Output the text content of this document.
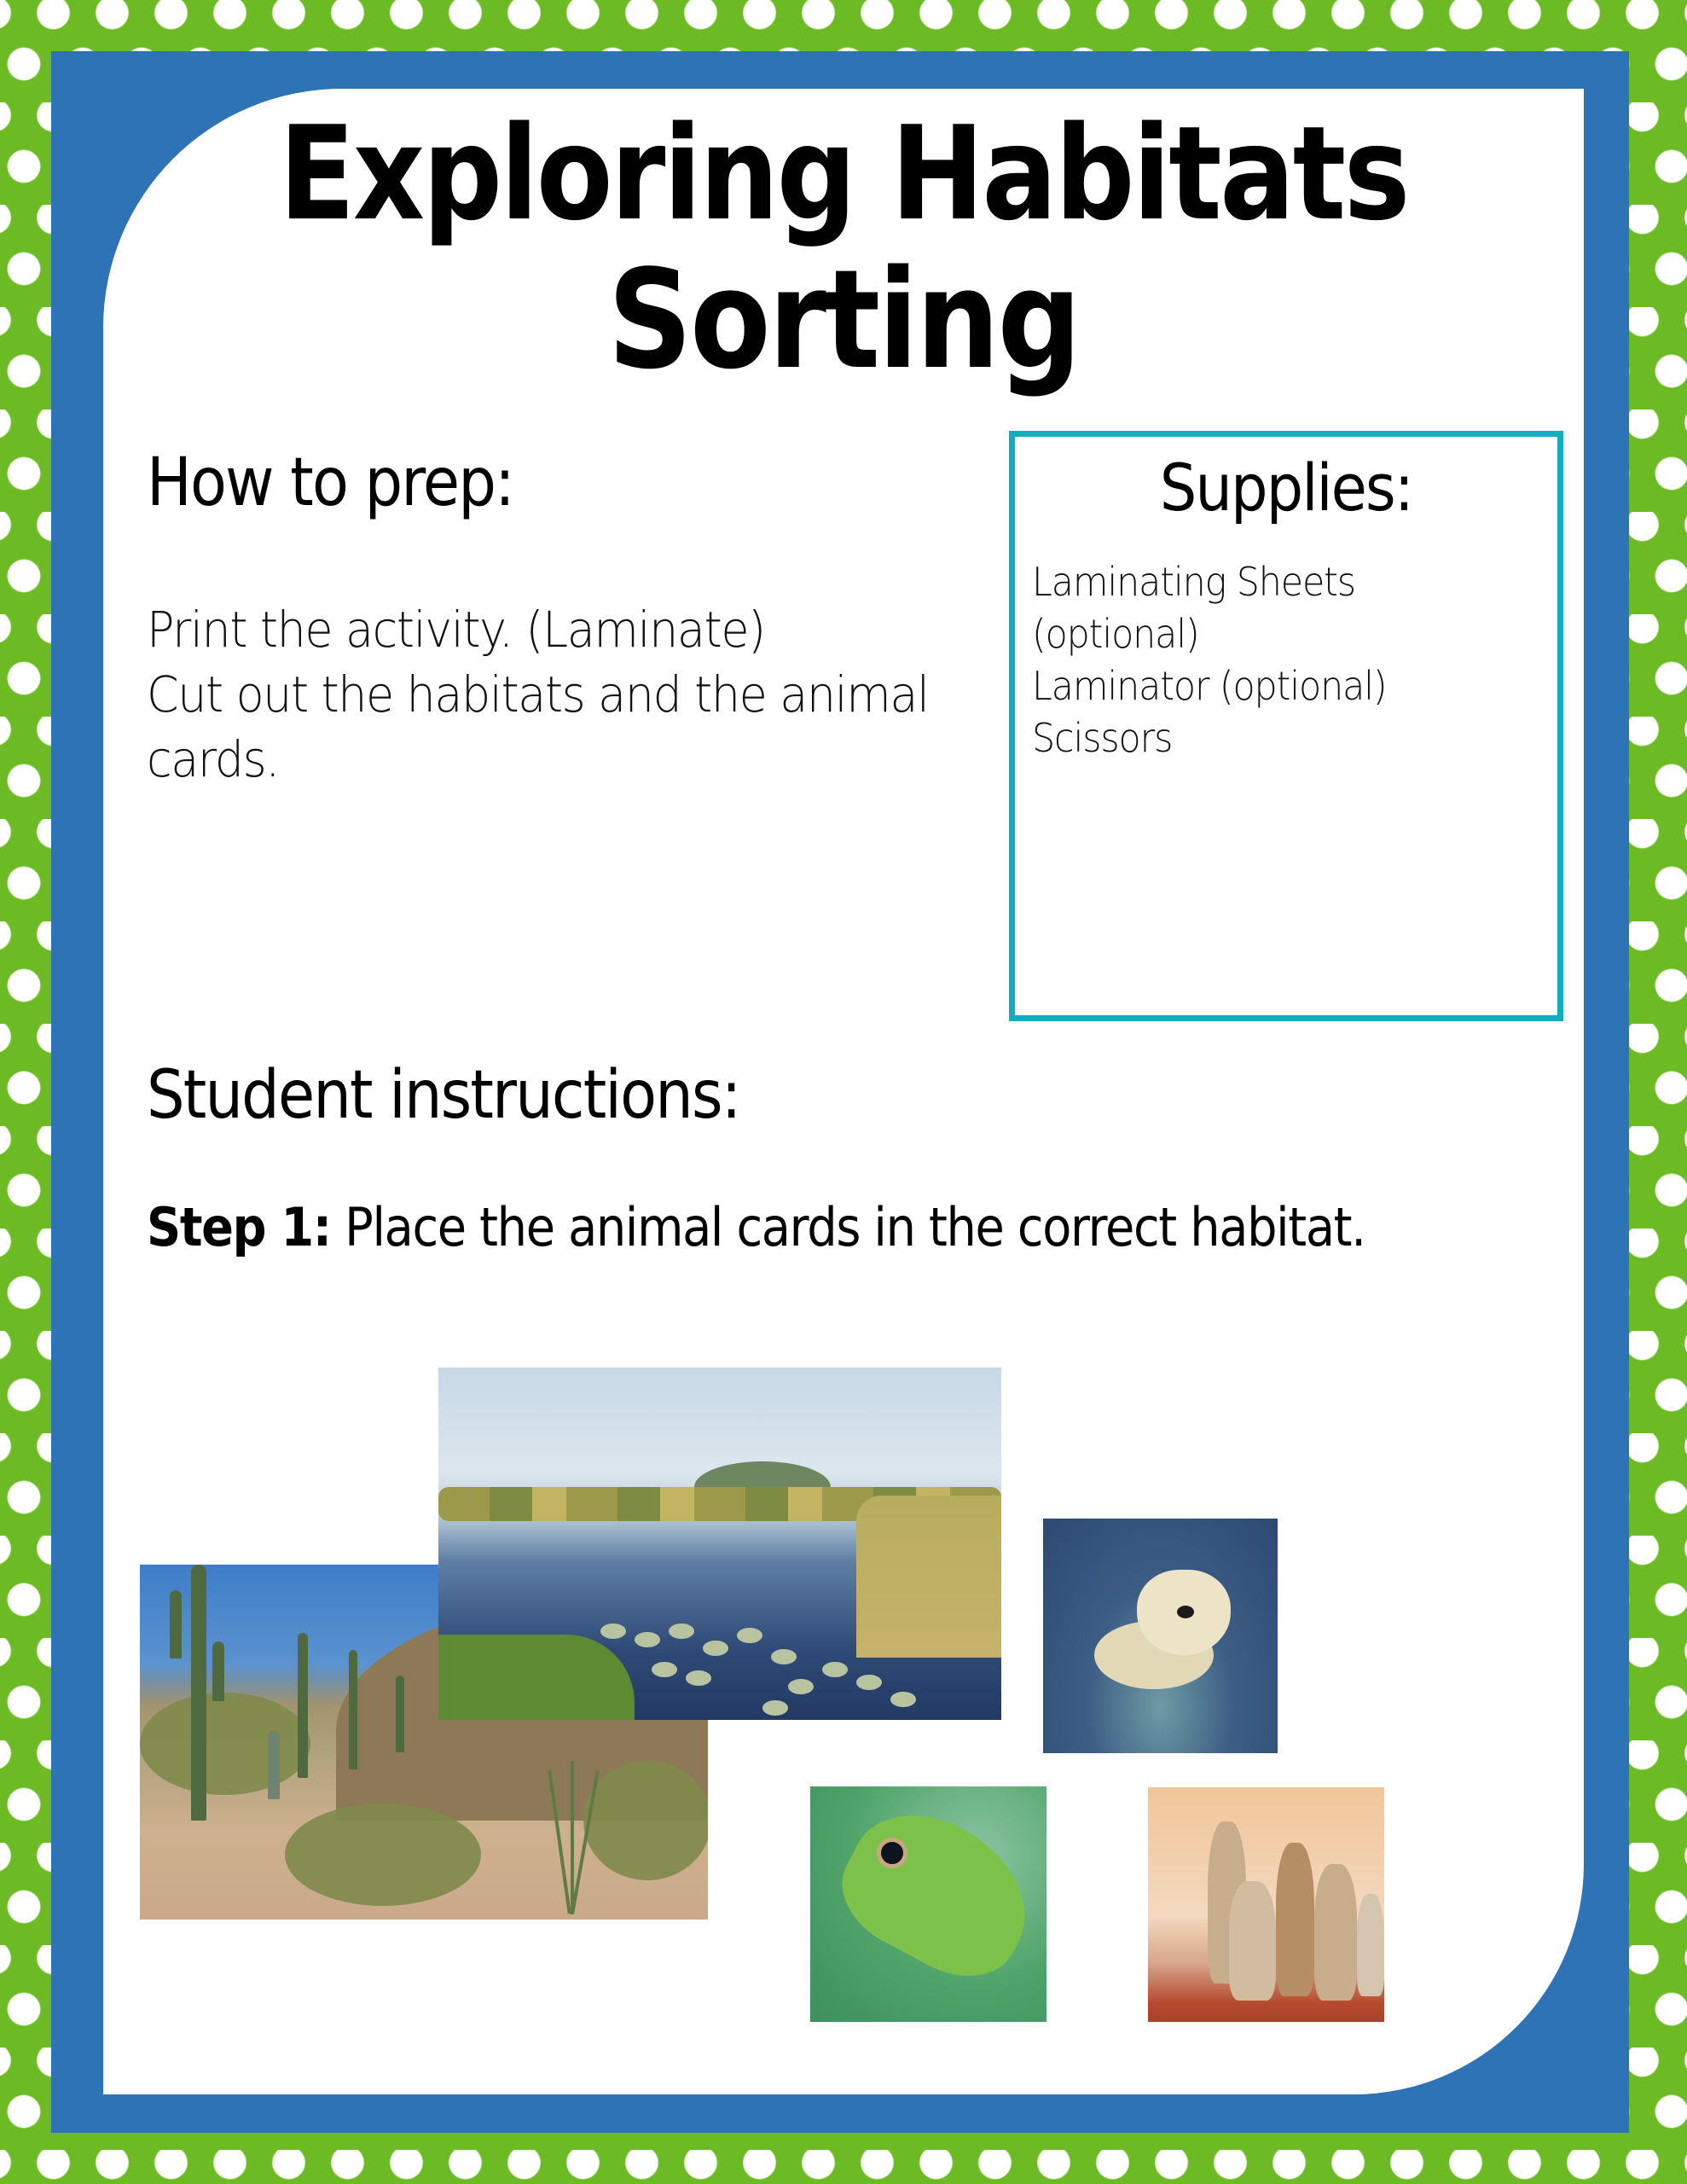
Exploring Habitats
Sorting
How to prep:
Print the activity. (Laminate)
Cut out the habitats and the animal
cards.
Supplies:
Laminating Sheets
(optional)
Laminator (optional)
Scissors
Student instructions:
Step 1: Place the animal cards in the correct habitat.
